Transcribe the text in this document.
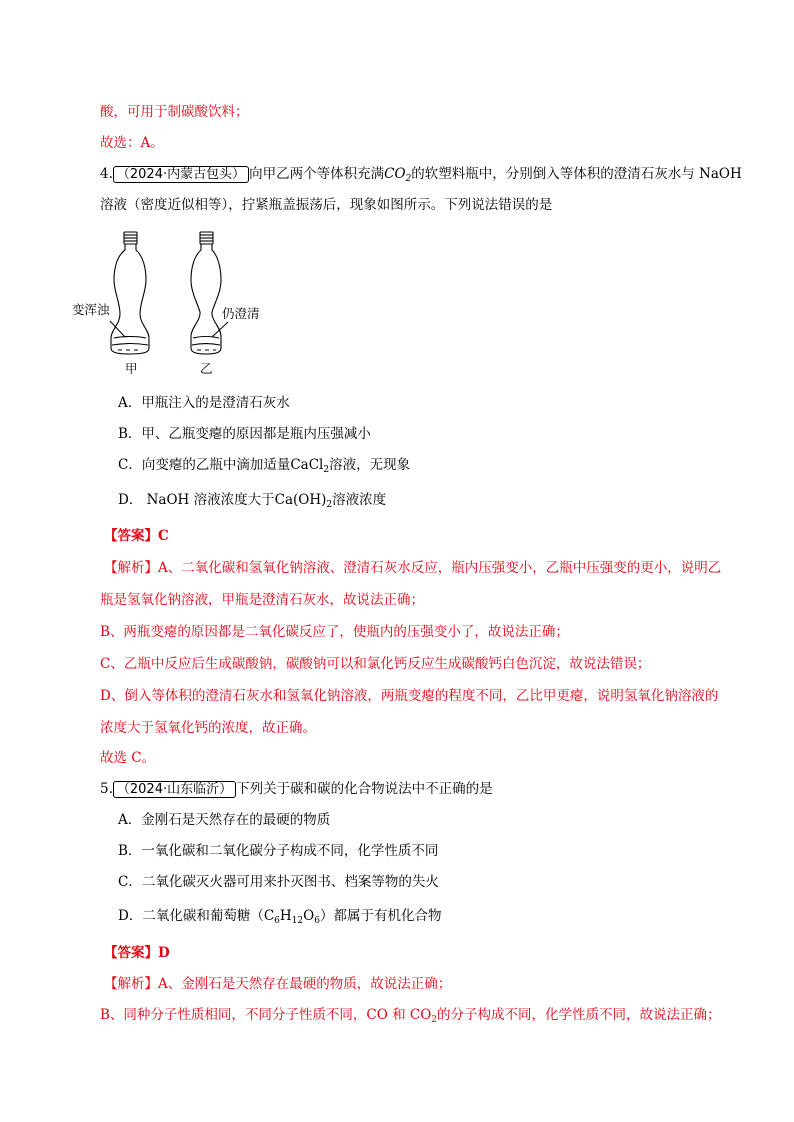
酸，可用于制碳酸饮料；
故选：A。
4. （2024·内蒙古包头） 向甲乙两个等体积充满$CO_2$的软塑料瓶中，分别倒入等体积的澄清石灰水与 NaOH
溶液（密度近似相等），拧紧瓶盖振荡后，现象如图所示。下列说法错误的是
变浑浊
甲
仍澄清
乙
A．甲瓶注入的是澄清石灰水
B．甲、乙瓶变瘪的原因都是瓶内压强减小
C．向变瘪的乙瓶中滴加适量CaCl$_2$溶液，无现象
D． NaOH 溶液浓度大于$Ca(OH)_2$溶液浓度
【答案】C
【解析】A、二氧化碳和氢氧化钠溶液、澄清石灰水反应，瓶内压强变小，乙瓶中压强变的更小，说明乙
瓶是氢氧化钠溶液，甲瓶是澄清石灰水，故说法正确；
B、两瓶变瘪的原因都是二氧化碳反应了，使瓶内的压强变小了，故说法正确；
C、乙瓶中反应后生成碳酸钠，碳酸钠可以和氯化钙反应生成碳酸钙白色沉淀，故说法错误；
D、倒入等体积的澄清石灰水和氢氧化钠溶液，两瓶变瘪的程度不同，乙比甲更瘪，说明氢氧化钠溶液的
浓度大于氢氧化钙的浓度，故正确。
故选 C。
5. （2024·山东临沂） 下列关于碳和碳的化合物说法中不正确的是
A．金刚石是天然存在的最硬的物质
B．一氧化碳和二氧化碳分子构成不同，化学性质不同
C．二氧化碳灭火器可用来扑灭图书、档案等物的失火
D．二氧化碳和葡萄糖$(C_6H_{12}O_6)$都属于有机化合物
【答案】D
【解析】A、金刚石是天然存在最硬的物质，故说法正确；
B、同种分子性质相同，不同分子性质不同，CO 和 $CO_2$的分子构成不同，化学性质不同，故说法正确；
